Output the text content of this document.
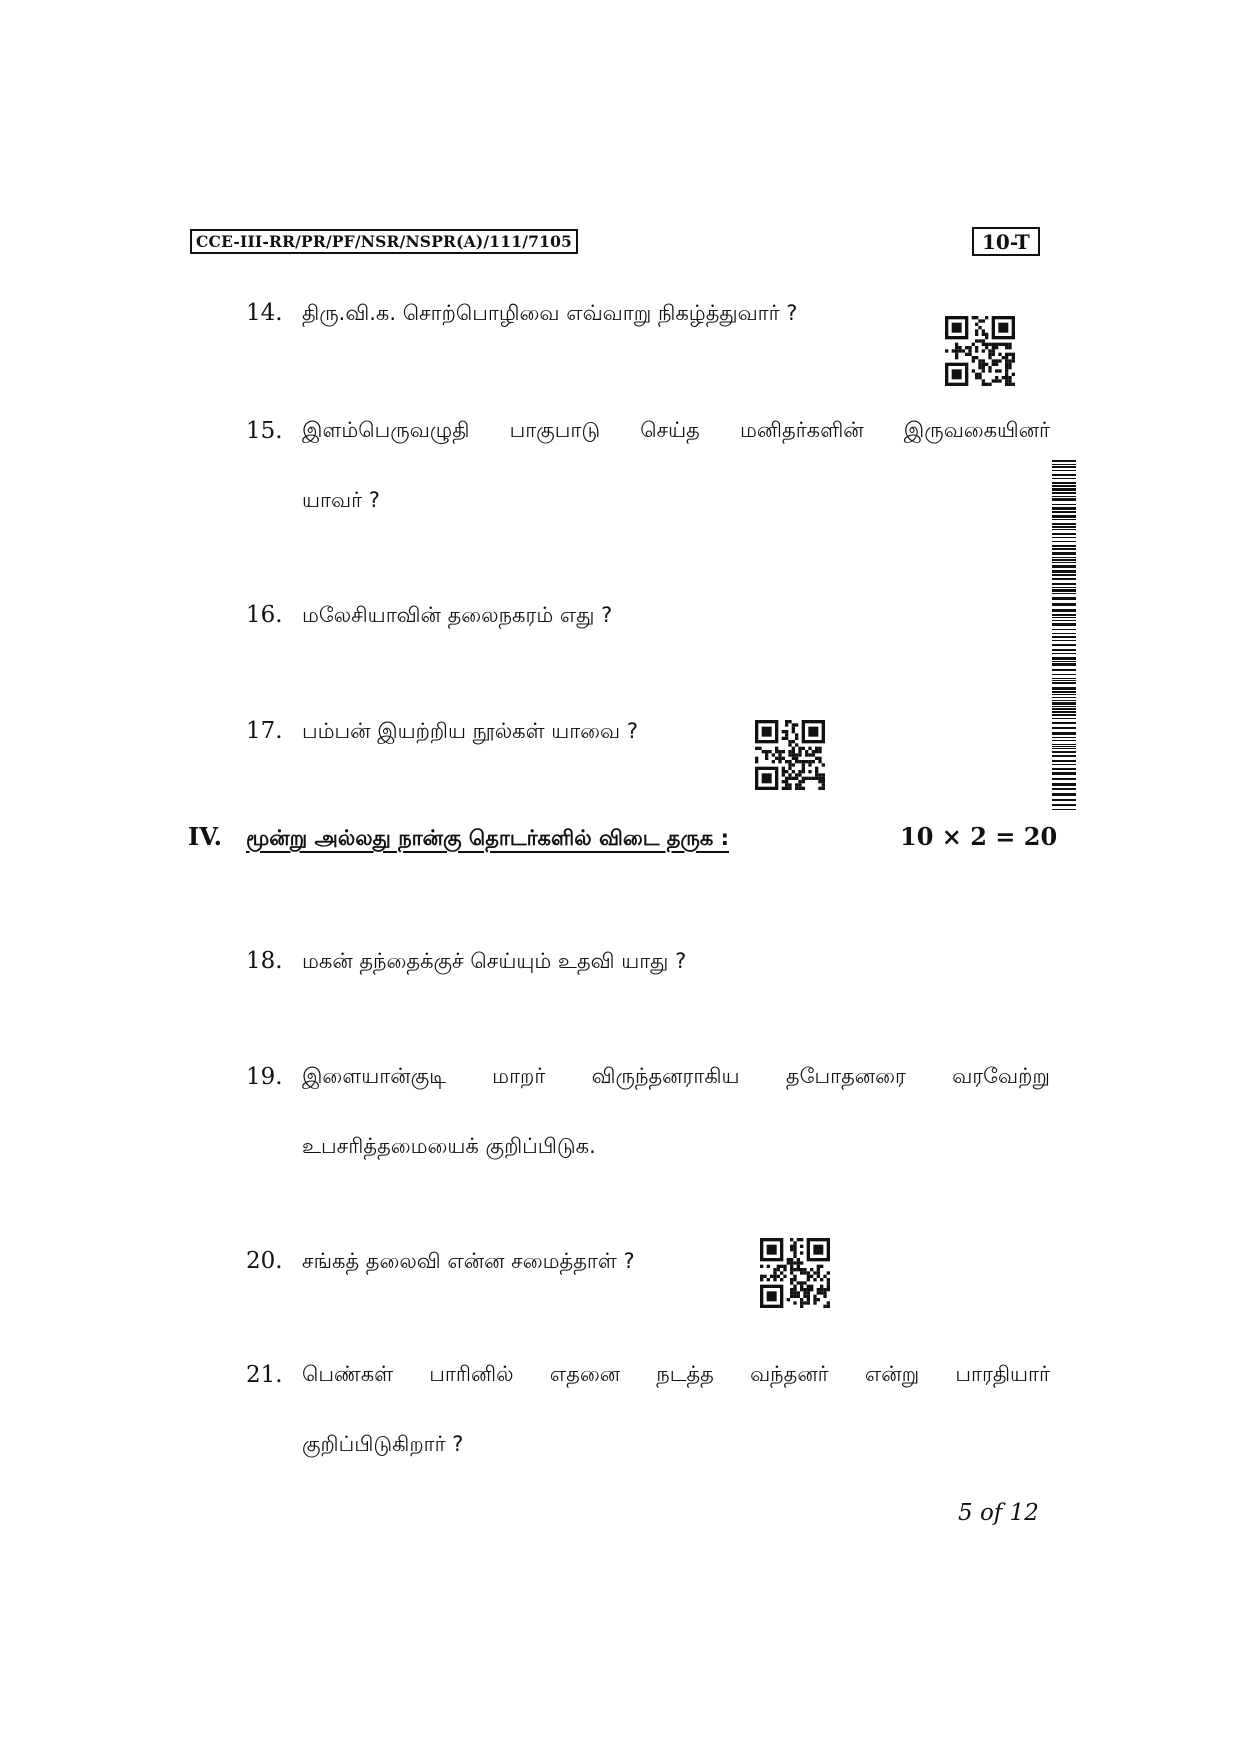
CCE-III-RR/PR/PF/NSR/NSPR(A)/111/7105	10-T
14. திரு.வி.க. சொற்பொழிவை எவ்வாறு நிகழ்த்துவார் ?
15. இளம்பெருவழுதி பாகுபாடு செய்த மனிதர்களின் இருவகையினர்
யாவர் ?
16. மலேசியாவின் தலைநகரம் எது ?
17. பம்பன் இயற்றிய நூல்கள் யாவை ?
IV.	மூன்று அல்லது நான்கு தொடர்களில் விடை தருக :	10 × 2 = 20
18. மகன் தந்தைக்குச் செய்யும் உதவி யாது ?
19. இளையான்குடி மாறர் விருந்தனராகிய தபோதனரை வரவேற்று
உபசரித்தமையைக் குறிப்பிடுக.
20. சங்கத் தலைவி என்ன சமைத்தாள் ?
21. பெண்கள் பாரினில் எதனை நடத்த வந்தனர் என்று பாரதியார்
குறிப்பிடுகிறார் ?
5 of 12
